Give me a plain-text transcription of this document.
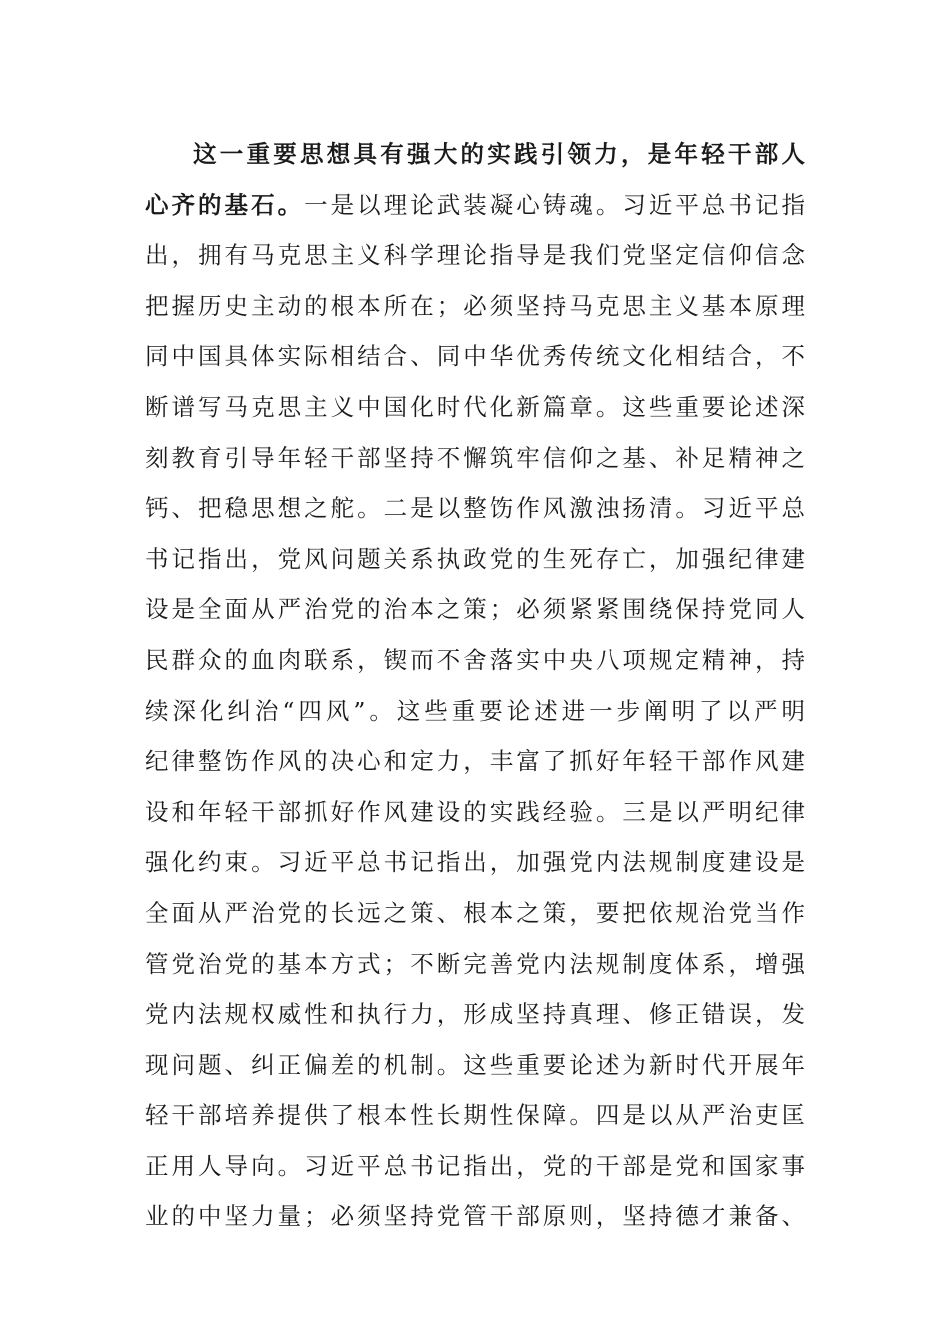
这一重要思想具有强大的实践引领力，是年轻干部人
心齐的基石。一是以理论武装凝心铸魂。习近平总书记指
出，拥有马克思主义科学理论指导是我们党坚定信仰信念
把握历史主动的根本所在；必须坚持马克思主义基本原理
同中国具体实际相结合、同中华优秀传统文化相结合，不
断谱写马克思主义中国化时代化新篇章。这些重要论述深
刻教育引导年轻干部坚持不懈筑牢信仰之基、补足精神之
钙、把稳思想之舵。二是以整饬作风激浊扬清。习近平总
书记指出，党风问题关系执政党的生死存亡，加强纪律建
设是全面从严治党的治本之策；必须紧紧围绕保持党同人
民群众的血肉联系，锲而不舍落实中央八项规定精神，持
续深化纠治“四风”。这些重要论述进一步阐明了以严明
纪律整饬作风的决心和定力，丰富了抓好年轻干部作风建
设和年轻干部抓好作风建设的实践经验。三是以严明纪律
强化约束。习近平总书记指出，加强党内法规制度建设是
全面从严治党的长远之策、根本之策，要把依规治党当作
管党治党的基本方式；不断完善党内法规制度体系，增强
党内法规权威性和执行力，形成坚持真理、修正错误，发
现问题、纠正偏差的机制。这些重要论述为新时代开展年
轻干部培养提供了根本性长期性保障。四是以从严治吏匡
正用人导向。习近平总书记指出，党的干部是党和国家事
业的中坚力量；必须坚持党管干部原则，坚持德才兼备、
